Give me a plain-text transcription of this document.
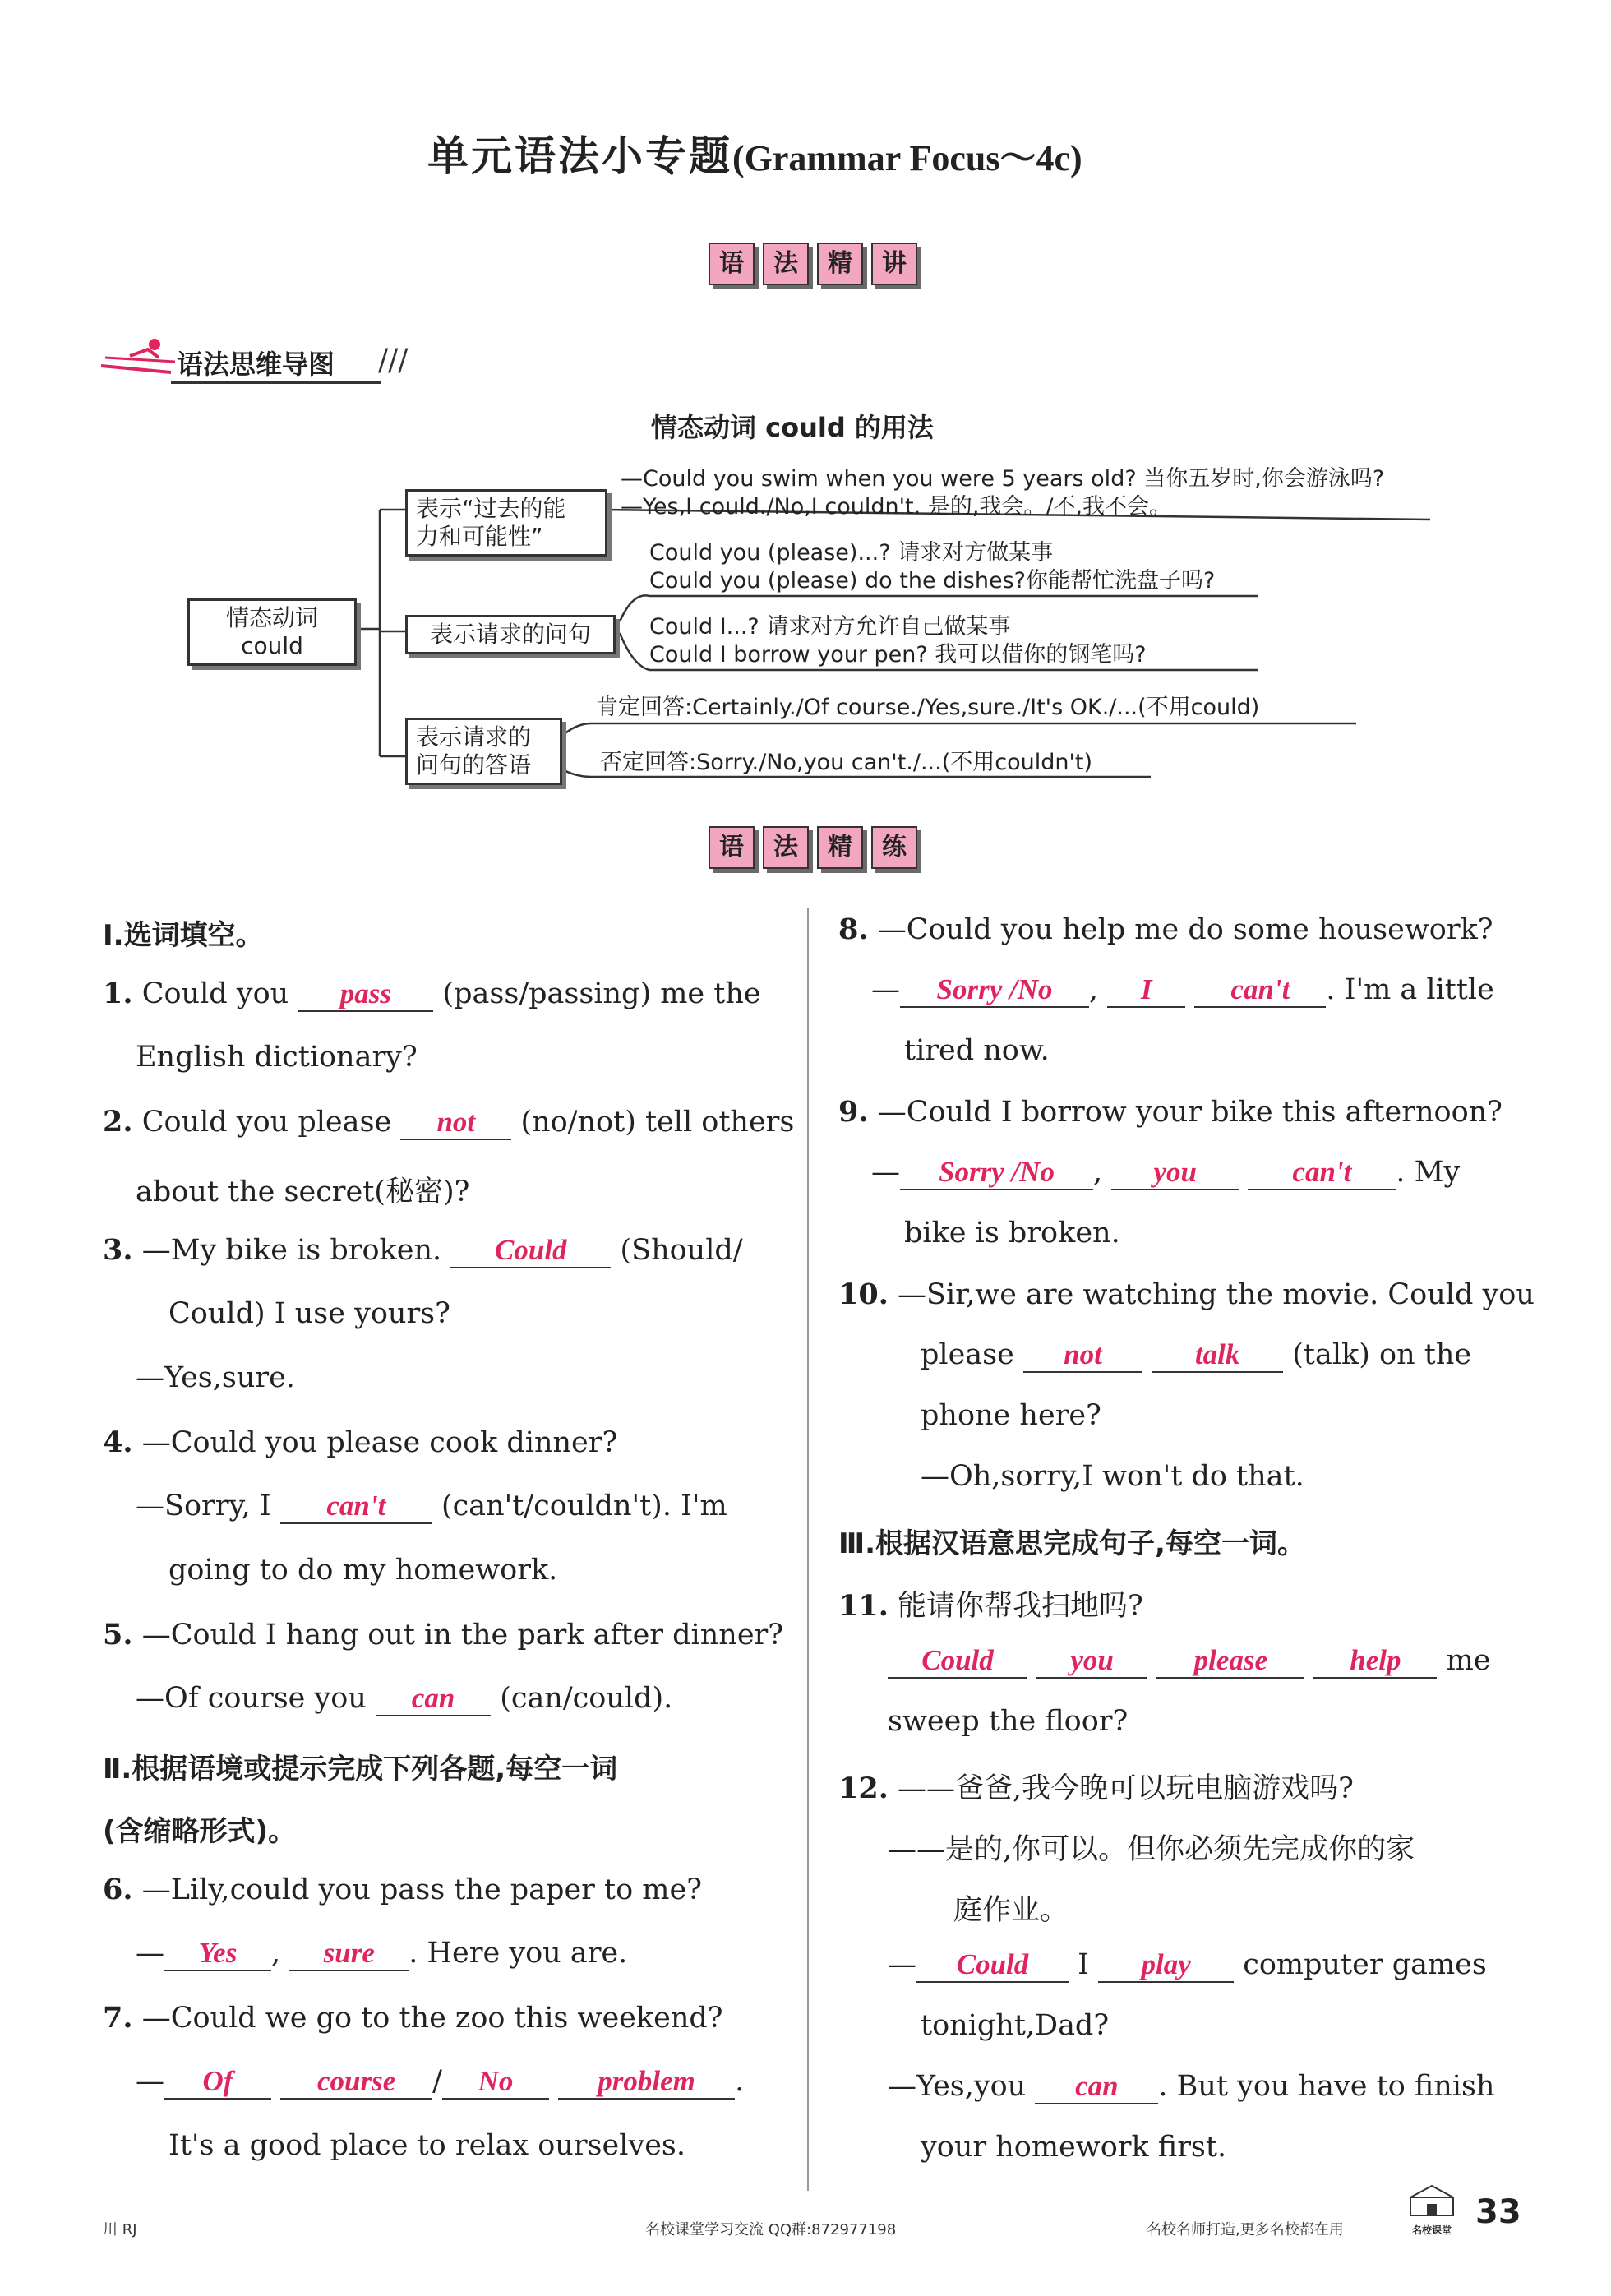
单元语法小专题(Grammar Focus～4c)
语	法	精	讲
语法思维导图 ///
情态动词 could 的用法
情态动词
could
表示“过去的能
力和可能性”
表示请求的问句
表示请求的
问句的答语
—Could you swim when you were 5 years old? 当你五岁时,你会游泳吗?
—Yes,I could./No,I couldn't. 是的,我会。/不,我不会。
Could you (please)...? 请求对方做某事
Could you (please) do the dishes?你能帮忙洗盘子吗?
Could I...? 请求对方允许自己做某事
Could I borrow your pen? 我可以借你的钢笔吗?
肯定回答:Certainly./Of course./Yes,sure./It's OK./...(不用could)
否定回答:Sorry./No,you can't./...(不用couldn't)
语	法	精	练
Ⅰ.选词填空。
1. Could you pass (pass/passing) me the
English dictionary?
2. Could you please not (no/not) tell others
about the secret(秘密)?
3. —My bike is broken. Could (Should/
Could) I use yours?
—Yes,sure.
4. —Could you please cook dinner?
—Sorry, I can't (can't/couldn't). I'm
going to do my homework.
5. —Could I hang out in the park after dinner?
—Of course you can (can/could).
Ⅱ.根据语境或提示完成下列各题,每空一词
(含缩略形式)。
6. —Lily,could you pass the paper to me?
— Yes , sure . Here you are.
7. —Could we go to the zoo this weekend?
— Of	course / No	problem .
It's a good place to relax ourselves.
8. —Could you help me do some housework?
— Sorry /No , I	can't . I'm a little
tired now.
9. —Could I borrow your bike this afternoon?
— Sorry /No , you	can't . My
bike is broken.
10. —Sir,we are watching the movie. Could you
please not	talk (talk) on the
phone here?
—Oh,sorry,I won't do that.
Ⅲ.根据汉语意思完成句子,每空一词。
11. 能请你帮我扫地吗?
Could	you	please	help me
sweep the floor?
12. ——爸爸,我今晚可以玩电脑游戏吗?
——是的,你可以。但你必须先完成你的家
庭作业。
— Could I play computer games
tonight,Dad?
—Yes,you can . But you have to finish
your homework first.
川 RJ	名校课堂学习交流 QQ群:872977198	名校名师打造,更多名校都在用	名校课堂 33
